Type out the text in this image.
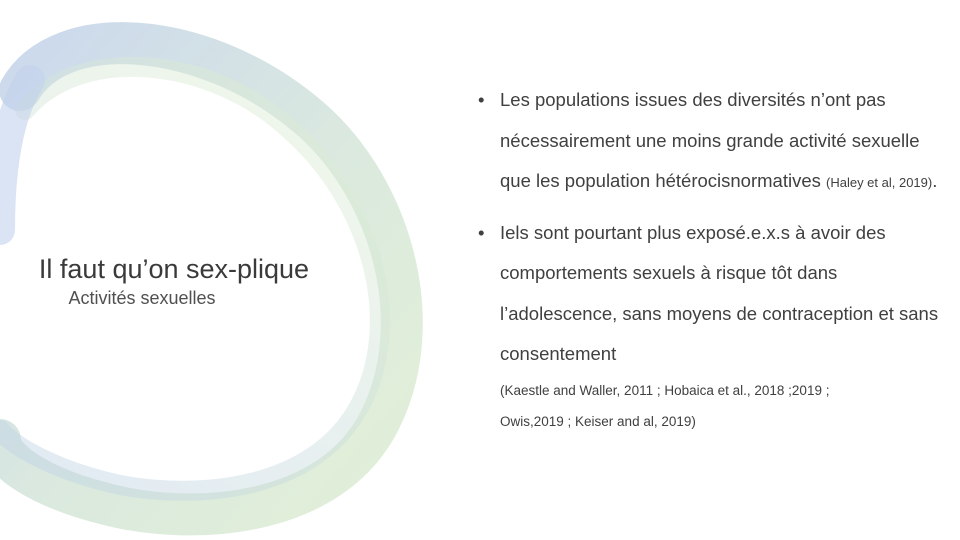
Il faut qu’on sex-plique

Activités sexuelles

• Les populations issues des diversités n’ont pas nécessairement une moins grande activité sexuelle que les population hétérocisnormatives (Haley et al, 2019).
• Iels sont pourtant plus exposé.e.x.s à avoir des comportements sexuels à risque tôt dans l’adolescence, sans moyens de contraception et sans consentement
(Kaestle and Waller, 2011 ; Hobaica et al., 2018 ;2019 ;
Owis,2019 ; Keiser and al, 2019)
